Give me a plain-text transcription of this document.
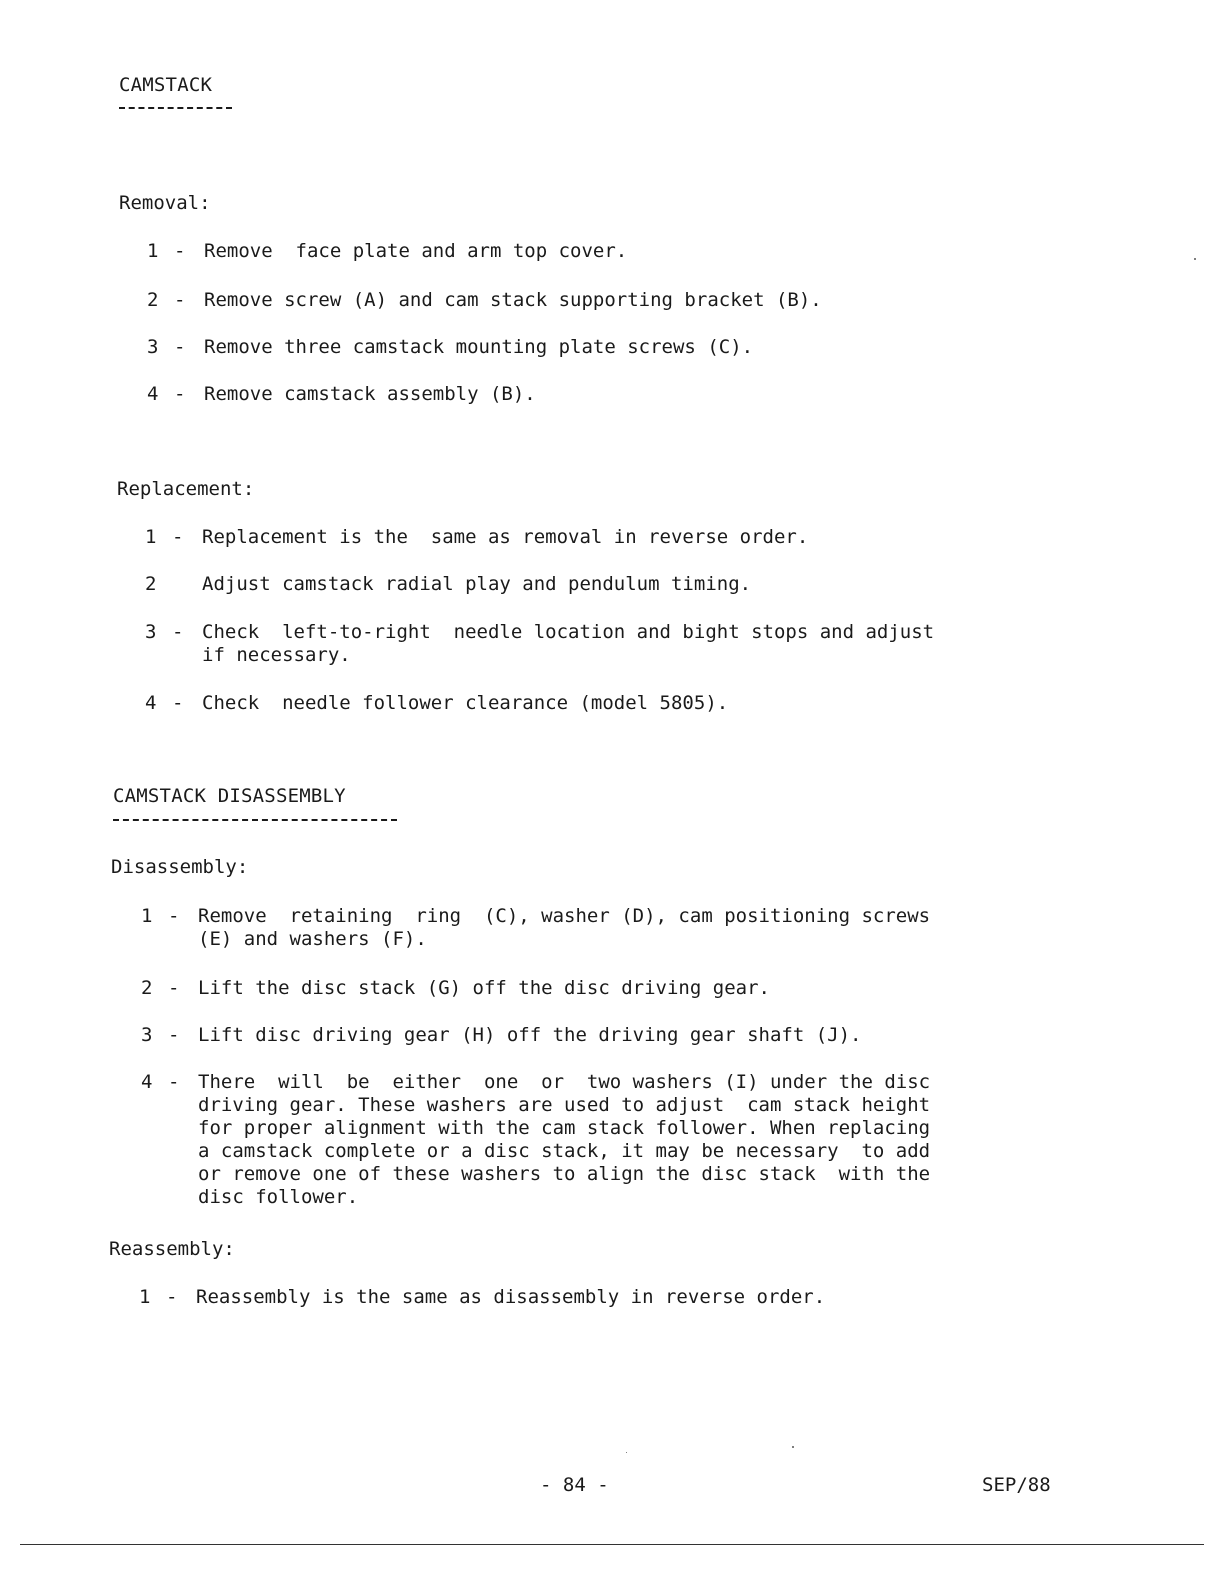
CAMSTACK
Removal:

1

-

Remove  face plate and arm top cover.

2

-

Remove screw (A) and cam stack supporting bracket (B).

3

-

Remove three camstack mounting plate screws (C).

4

-

Remove camstack assembly (B).

Replacement:

1

-

Replacement is the  same as removal in reverse order.

2

Adjust camstack radial play and pendulum timing.

3

-

Check  left-to-right  needle location and bight stops and adjust
if necessary.

4

-

Check  needle follower clearance (model 5805).

CAMSTACK DISASSEMBLY
Disassembly:

1

-

Remove  retaining  ring  (C), washer (D), cam positioning screws
(E) and washers (F).

2

-

Lift the disc stack (G) off the disc driving gear.

3

-

Lift disc driving gear (H) off the driving gear shaft (J).

4

-

There  will  be  either  one  or  two washers (I) under the disc
driving gear. These washers are used to adjust  cam stack height
for proper alignment with the cam stack follower. When replacing
a camstack complete or a disc stack, it may be necessary  to add
or remove one of these washers to align the disc stack  with the
disc follower.

Reassembly:

1

-

Reassembly is the same as disassembly in reverse order.

- 84 -	SEP/88
